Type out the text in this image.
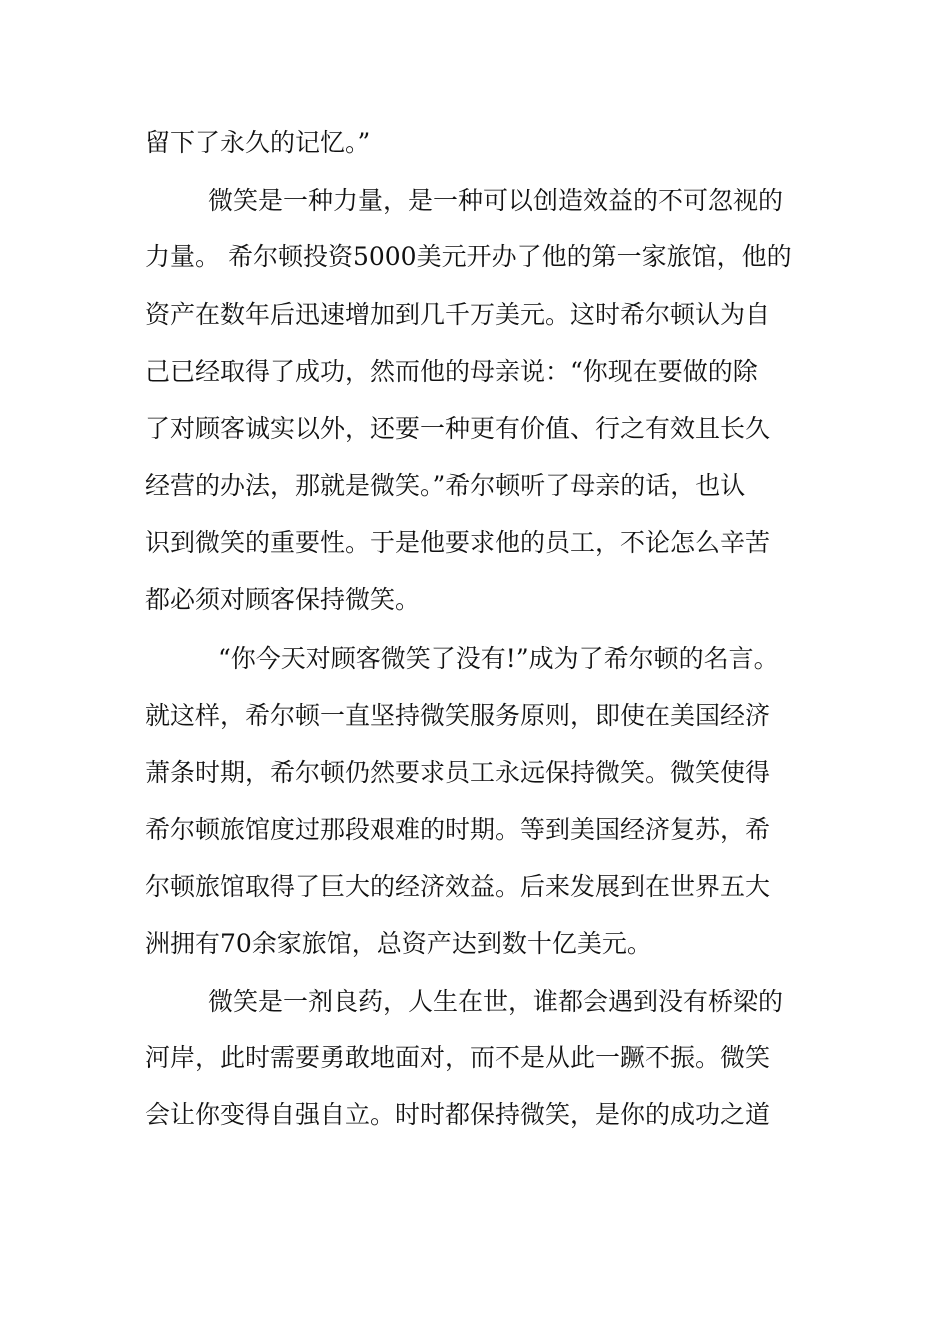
留下了永久的记忆。”

微笑是一种力量，是一种可以创造效益的不可忽视的

力量。 希尔顿投资5000美元开办了他的第一家旅馆，他的

资产在数年后迅速增加到几千万美元。这时希尔顿认为自

己已经取得了成功，然而他的母亲说：“你现在要做的除

了对顾客诚实以外，还要一种更有价值、行之有效且长久

经营的办法，那就是微笑。”希尔顿听了母亲的话，也认

识到微笑的重要性。于是他要求他的员工，不论怎么辛苦

都必须对顾客保持微笑。

“你今天对顾客微笑了没有!”成为了希尔顿的名言。

就这样，希尔顿一直坚持微笑服务原则，即使在美国经济

萧条时期，希尔顿仍然要求员工永远保持微笑。微笑使得

希尔顿旅馆度过那段艰难的时期。等到美国经济复苏，希

尔顿旅馆取得了巨大的经济效益。后来发展到在世界五大

洲拥有70余家旅馆，总资产达到数十亿美元。

微笑是一剂良药，人生在世，谁都会遇到没有桥梁的

河岸，此时需要勇敢地面对，而不是从此一蹶不振。微笑

会让你变得自强自立。时时都保持微笑，是你的成功之道
